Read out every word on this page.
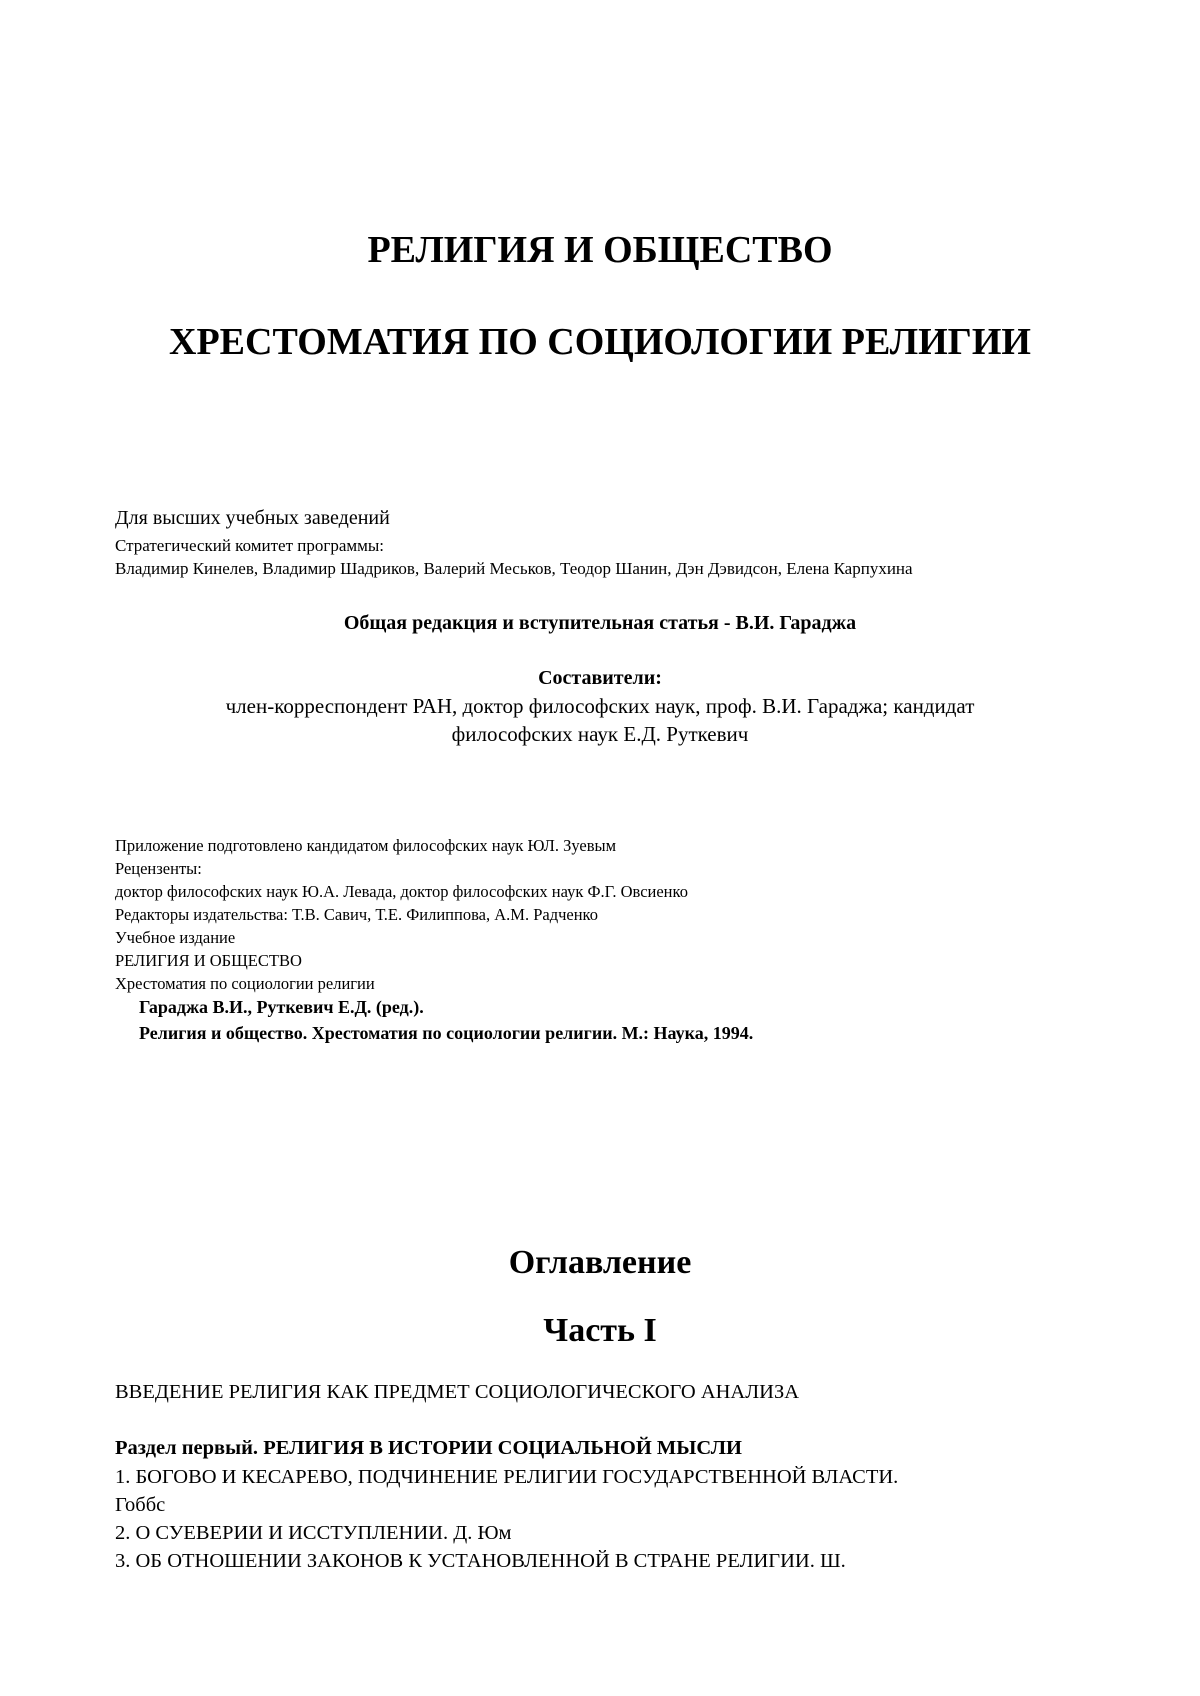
РЕЛИГИЯ И ОБЩЕСТВО
ХРЕСТОМАТИЯ ПО СОЦИОЛОГИИ РЕЛИГИИ

Для высших учебных заведений

Стратегический комитет программы:

Владимир Кинелев, Владимир Шадриков, Валерий Меськов, Теодор Шанин, Дэн Дэвидсон, Елена Карпухина

Общая редакция и вступительная статья - В.И. Гараджа

Составители:

член-корреспондент РАН, доктор философских наук, проф. В.И. Гараджа; кандидат

философских наук Е.Д. Руткевич

Приложение подготовлено кандидатом философских наук ЮЛ. Зуевым

Рецензенты:

доктор философских наук Ю.А. Левада, доктор философских наук Ф.Г. Овсиенко

Редакторы издательства: Т.В. Савич, Т.Е. Филиппова, А.М. Радченко

Учебное издание

РЕЛИГИЯ И ОБЩЕСТВО

Хрестоматия по социологии религии

Гараджа В.И., Руткевич Е.Д. (ред.).

Религия и общество. Хрестоматия по социологии религии. М.: Наука, 1994.

Оглавление
Часть I

ВВЕДЕНИЕ РЕЛИГИЯ КАК ПРЕДМЕТ СОЦИОЛОГИЧЕСКОГО АНАЛИЗА

Раздел первый. РЕЛИГИЯ В ИСТОРИИ СОЦИАЛЬНОЙ МЫСЛИ

1. БОГОВО И КЕСАРЕВО, ПОДЧИНЕНИЕ РЕЛИГИИ ГОСУДАРСТВЕННОЙ ВЛАСТИ.

Гоббс

2. О СУЕВЕРИИ И ИССТУПЛЕНИИ. Д. Юм

3. ОБ ОТНОШЕНИИ ЗАКОНОВ К УСТАНОВЛЕННОЙ В СТРАНЕ РЕЛИГИИ. Ш.
